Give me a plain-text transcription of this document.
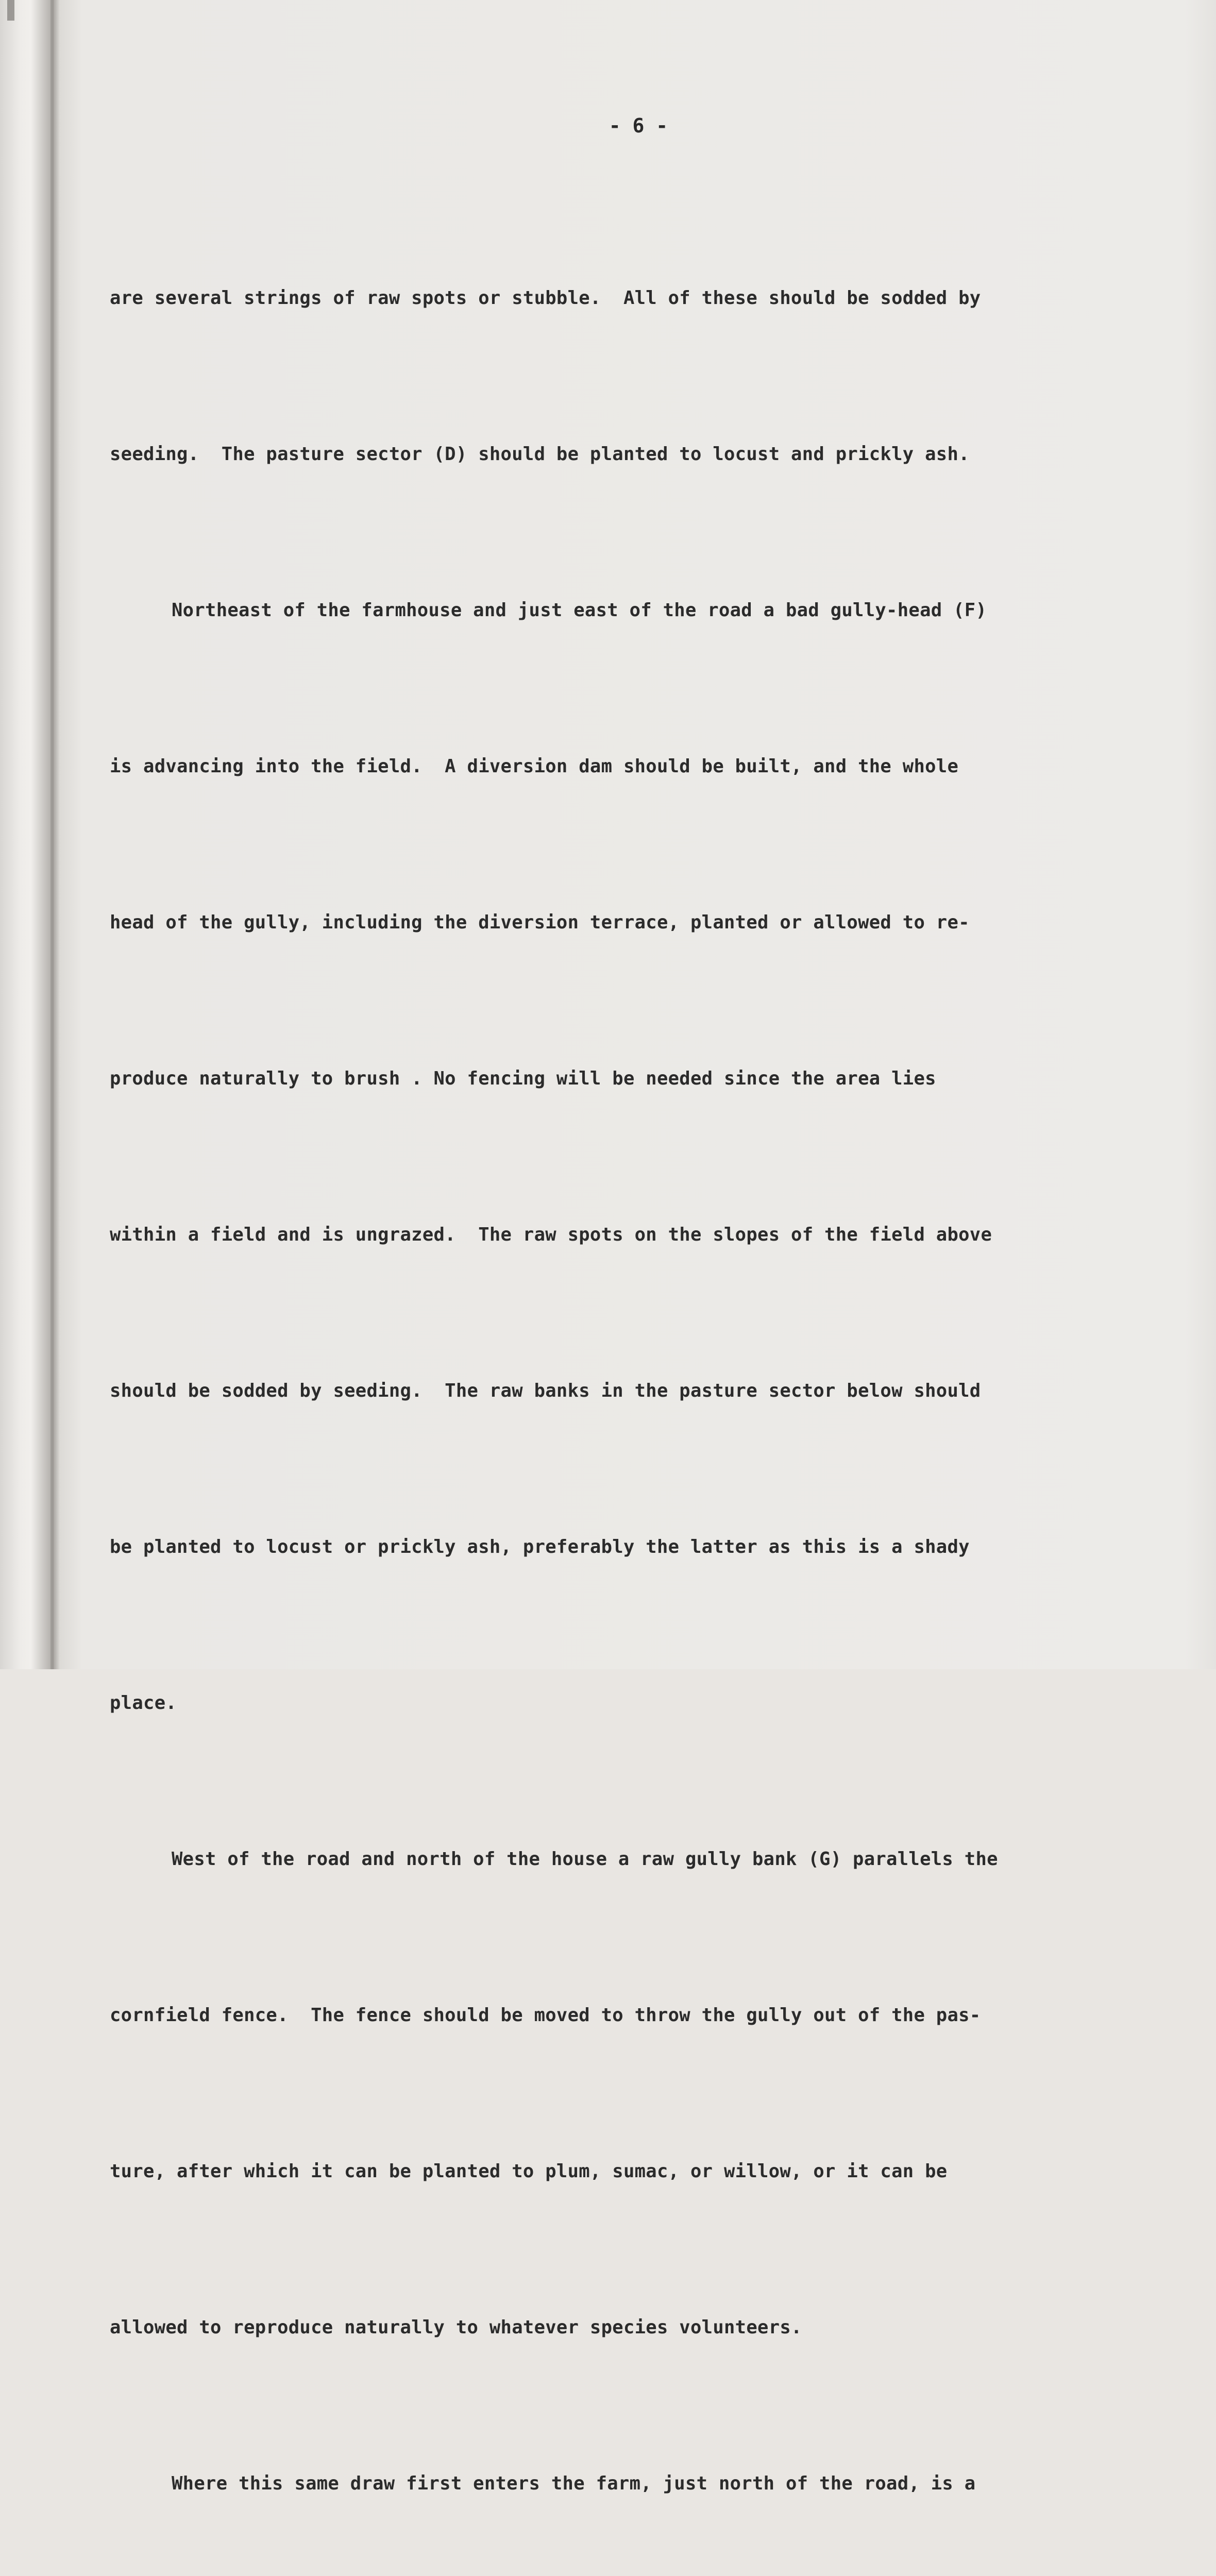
- 6 -

are several strings of raw spots or stubble.  All of these should be sodded by

seeding.  The pasture sector (D) should be planted to locust and prickly ash.

Northeast of the farmhouse and just east of the road a bad gully-head (F)

is advancing into the field.  A diversion dam should be built, and the whole

head of the gully, including the diversion terrace, planted or allowed to re-

produce naturally to brush . No fencing will be needed since the area lies

within a field and is ungrazed.  The raw spots on the slopes of the field above

should be sodded by seeding.  The raw banks in the pasture sector below should

be planted to locust or prickly ash, preferably the latter as this is a shady

place.

West of the road and north of the house a raw gully bank (G) parallels the

cornfield fence.  The fence should be moved to throw the gully out of the pas-

ture, after which it can be planted to plum, sumac, or willow, or it can be

allowed to reproduce naturally to whatever species volunteers.

Where this same draw first enters the farm, just north of the road, is a
